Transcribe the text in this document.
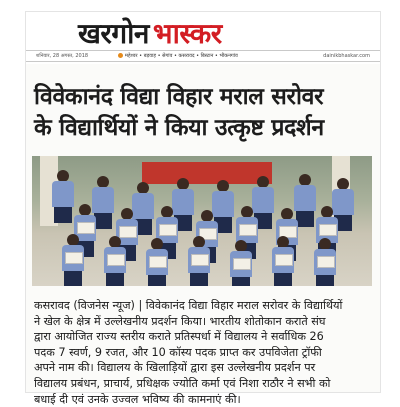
खरगोन भास्कर
शनिवार, 28 अगस्त, 2018	महेश्वर • बड़वाह • सेगांव • कसरावद • बिस्टान • भीकनगांव	dainikbhaskar.com
विवेकानंद विद्या विहार मराल सरोवर
के विद्यार्थियों ने किया उत्कृष्ट प्रदर्शन
कसरावद (विजनेस न्यूज) | विवेकानंद विद्या विहार मराल सरोवर के विद्यार्थियों
ने खेल के क्षेत्र में उल्लेखनीय प्रदर्शन किया। भारतीय शोतोकान कराते संघ
द्वारा आयोजित राज्य स्तरीय कराते प्रतिस्पर्धा में विद्यालय ने सर्वाधिक 26
पदक 7 स्वर्ण, 9 रजत, और 10 कॉस्य पदक प्राप्त कर उपविजेता ट्रॉफी
अपने नाम की। विद्यालय के खिलाड़ियों द्वारा इस उल्लेखनीय प्रदर्शन पर
विद्यालय प्रबंधन, प्राचार्य, प्रधिक्षक ज्योति कर्मा एवं निशा राठौर ने सभी को
बधाई दी एवं उनके उज्वल भविष्य की कामनाएं की।
